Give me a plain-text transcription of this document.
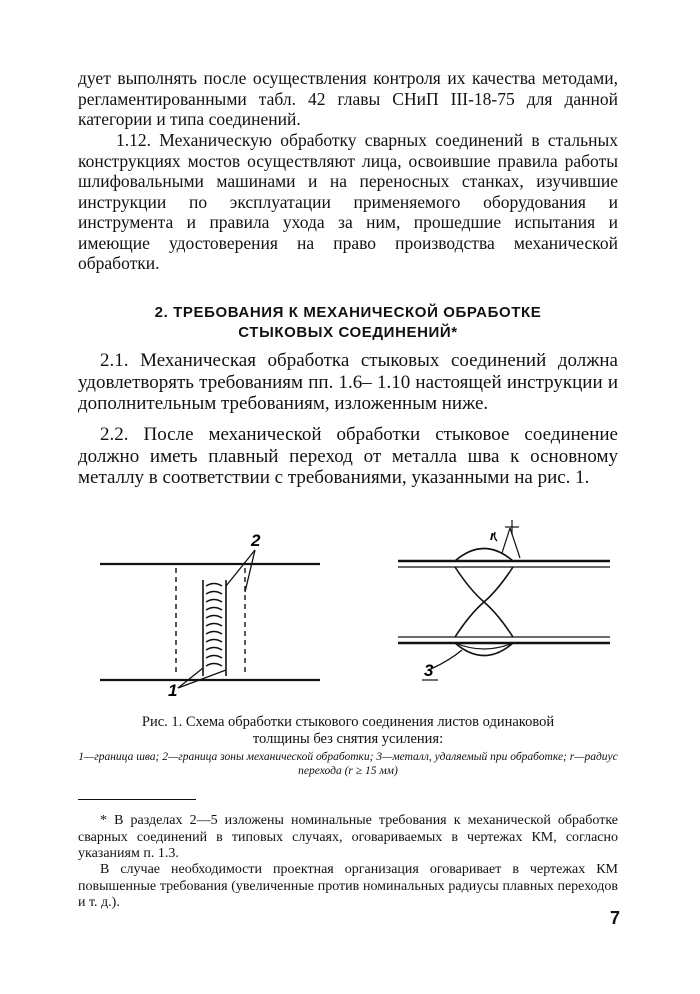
дует выполнять после осуществления контроля их качества методами, регламентированными табл. 42 главы СНиП III-18-75 для данной категории и типа соединений.

1.12. Механическую обработку сварных соединений в стальных конструкциях мостов осуществляют лица, освоившие правила работы шлифовальными машинами и на переносных станках, изучившие инструкции по эксплуатации применяемого оборудования и инструмента и правила ухода за ним, прошедшие испытания и имеющие удостоверения на право производства механической обработки.

2. ТРЕБОВАНИЯ К МЕХАНИЧЕСКОЙ ОБРАБОТКЕ

СТЫКОВЫХ СОЕДИНЕНИЙ*

2.1. Механическая обработка стыковых соединений должна удовлетворять требованиям пп. 1.6– 1.10 настоящей инструкции и дополнительным требованиям, изложенным ниже.

2.2. После механической обработки стыковое соединение должно иметь плавный переход от металла шва к основному металлу в соответствии с требованиями, указанными на рис. 1.

2
1
r
3

Рис. 1. Схема обработки стыкового соединения листов одинаковой

толщины без снятия усиления:

1—граница шва; 2—граница зоны механической обработки; 3—металл, удаляемый при обработке; r—радиус перехода (r ≥ 15 мм)

* В разделах 2—5 изложены номинальные требования к механической обработке сварных соединений в типовых случаях, оговариваемых в чертежах КМ, согласно указаниям п. 1.3.

В случае необходимости проектная организация оговаривает в чертежах КМ повышенные требования (увеличенные против номинальных радиусы плавных переходов и т. д.).

7
